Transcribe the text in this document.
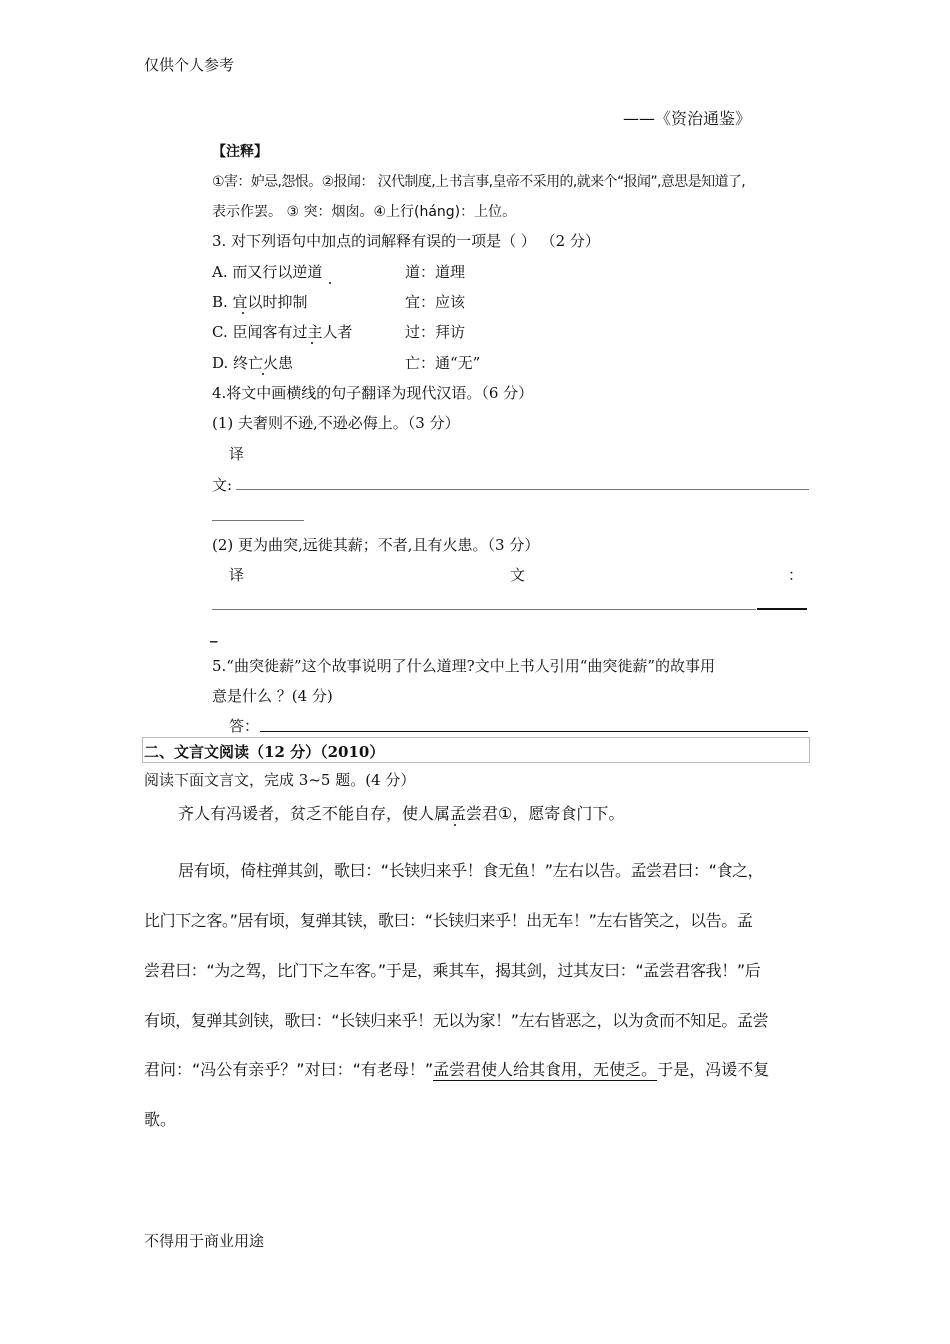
仅供个人参考
——《资治通鉴》
【注释】
①害：妒忌,怨恨。②报闻： 汉代制度,上书言事,皇帝不采用的,就来个“报闻”,意思是知道了,
表示作罢。 ③ 突：烟囱。④上行(háng)：上位。
3. 对下列语句中加点的词解释有误的一项是（ ） （2 分）
A. 而又行以逆道	道：道理
B. 宜以时抑制	宜：应该
C. 臣闻客有过主人者	过：拜访
D. 终亡火患	亡：通“无”
4.将文中画横线的句子翻译为现代汉语。（6 分）
(1) 夫奢则不逊,不逊必侮上。（3 分）
译
文:
(2) 更为曲突,远徙其薪；不者,且有火患。（3 分）
译	文	：
_
5.“曲突徙薪”这个故事说明了什么道理?文中上书人引用“曲突徙薪”的故事用
意是什么 ？(4 分)
答：
二、文言文阅读（12 分）（2010）
阅读下面文言文，完成 3~5 题。(4 分）
齐人有冯谖者，贫乏不能自存，使人属孟尝君①，愿寄食门下。
居有顷，倚柱弹其剑，歌曰：“长铗归来乎！食无鱼！”左右以告。孟尝君曰：“食之，
比门下之客。”居有顷，复弹其铗，歌曰：“长铗归来乎！出无车！”左右皆笑之，以告。孟
尝君曰：“为之驾，比门下之车客。”于是，乘其车，揭其剑，过其友曰：“孟尝君客我！”后
有顷，复弹其剑铗，歌曰：“长铗归来乎！无以为家！”左右皆恶之，以为贪而不知足。孟尝
君问：“冯公有亲乎？”对曰：“有老母！”孟尝君使人给其食用，无使乏。于是，冯谖不复
歌。
不得用于商业用途
